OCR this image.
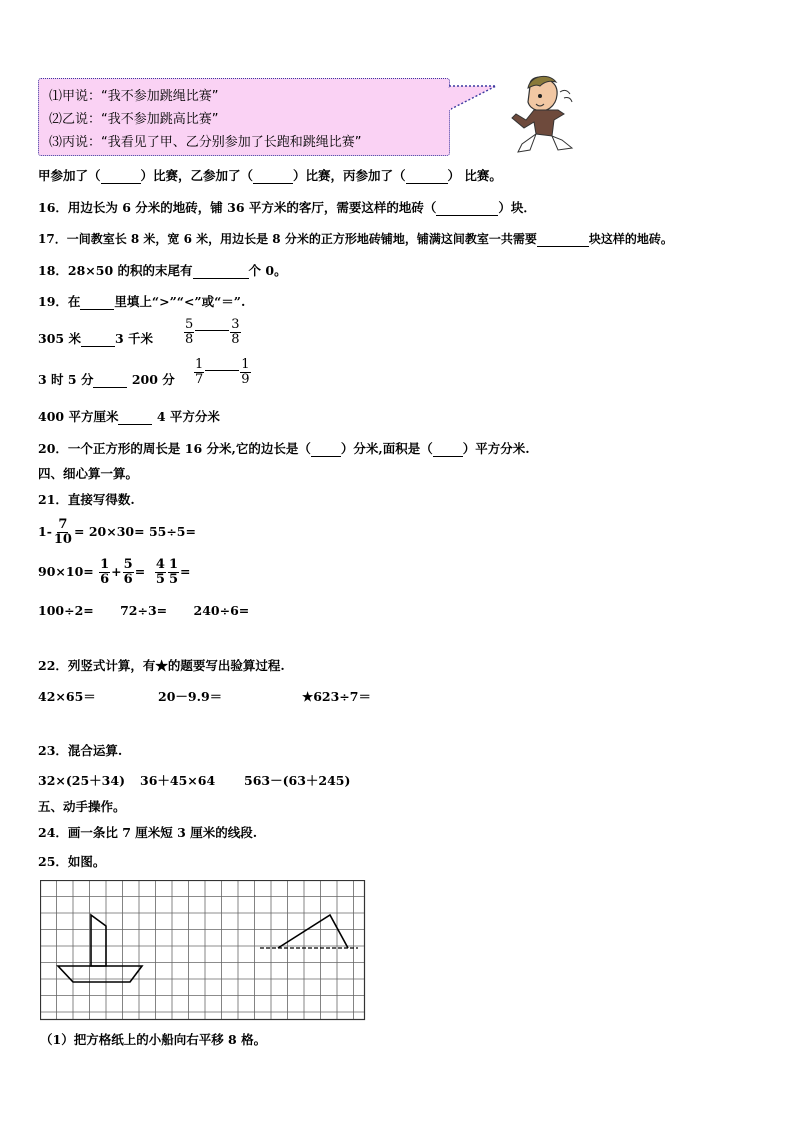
⑴甲说：“我不参加跳绳比赛”
⑵乙说：“我不参加跳高比赛”
⑶丙说：“我看见了甲、乙分别参加了长跑和跳绳比赛”
甲参加了（	）比赛，乙参加了（	）比赛，丙参加了（	） 比赛。
16．用边长为 6 分米的地砖，铺 36 平方米的客厅，需要这样的地砖（	）块．
17．一间教室长 8 米，宽 6 米，用边长是 8 分米的正方形地砖铺地，铺满这间教室一共需要	块这样的地砖。
18．28×50 的积的末尾有	个 0。
19．在	里填上“>”“<”或“＝”.
305 米	3 千米 $\frac{5}{8}$	$\frac{3}{8}$
3 时 5 分	200 分 $\frac{1}{7}$	$\frac{1}{9}$
400 平方厘米	4 平方分米
20．一个正方形的周长是 16 分米,它的边长是（ ）分米,面积是（ ）平方分米.
四、细心算一算。
21．直接写得数.
$1- \frac{7}{10} = 20\times 30= 55\div 5=$
$90\times 10= \frac{1}{6} + \frac{5}{6} = \frac{4}{5} \frac{1}{5}$ =
100÷2= 72÷3= 240÷6=
22．列竖式计算，有★的题要写出验算过程.
42×65＝	20－9.9＝	★623÷7＝
23．混合运算.
32×(25＋34) 36＋45×64 563－(63＋245)
五、动手操作。
24．画一条比 7 厘米短 3 厘米的线段.
25．如图。
（1）把方格纸上的小船向右平移 8 格。
